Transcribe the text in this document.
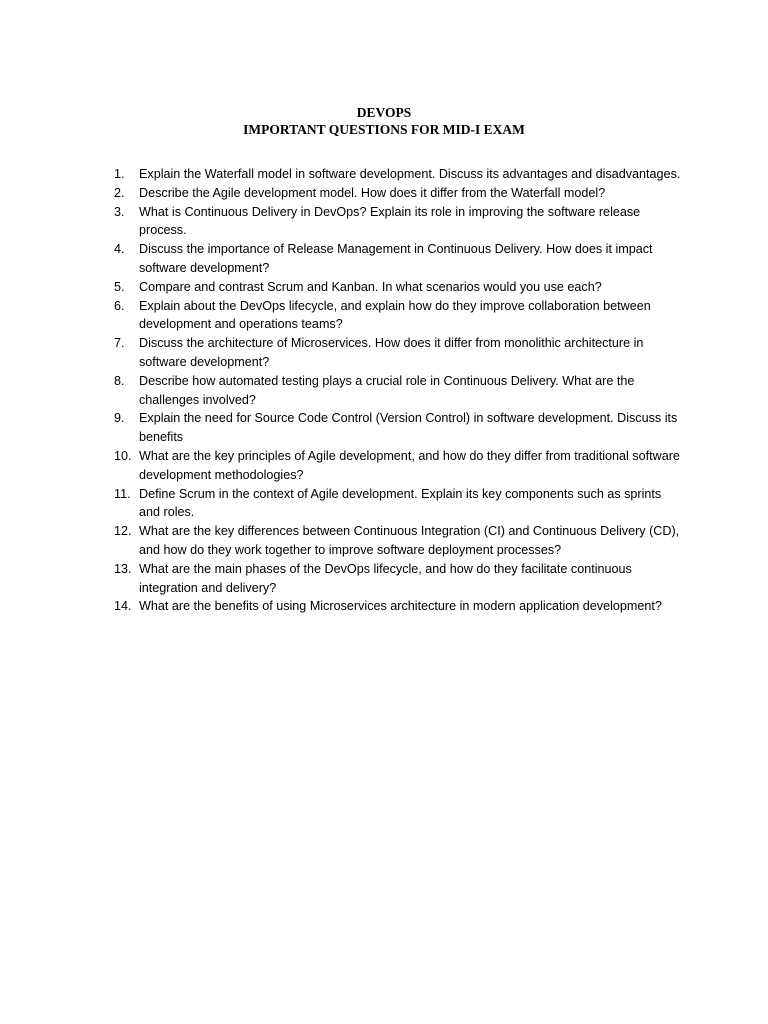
DEVOPS
IMPORTANT QUESTIONS FOR MID-I EXAM
1.	Explain the Waterfall model in software development. Discuss its advantages and disadvantages.
2.	Describe the Agile development model. How does it differ from the Waterfall model?
3.	What is Continuous Delivery in DevOps? Explain its role in improving the software release process.
4.	Discuss the importance of Release Management in Continuous Delivery. How does it impact software development?
5.	Compare and contrast Scrum and Kanban. In what scenarios would you use each?
6.	Explain about the DevOps lifecycle, and explain how do they improve collaboration between development and operations teams?
7.	Discuss the architecture of Microservices. How does it differ from monolithic architecture in software development?
8.	Describe how automated testing plays a crucial role in Continuous Delivery. What are the challenges involved?
9.	Explain the need for Source Code Control (Version Control) in software development. Discuss its benefits
10. What are the key principles of Agile development, and how do they differ from traditional software development methodologies?
11. Define Scrum in the context of Agile development. Explain its key components such as sprints and roles.
12. What are the key differences between Continuous Integration (CI) and Continuous Delivery (CD), and how do they work together to improve software deployment processes?
13. What are the main phases of the DevOps lifecycle, and how do they facilitate continuous integration and delivery?
14. What are the benefits of using Microservices architecture in modern application development?
